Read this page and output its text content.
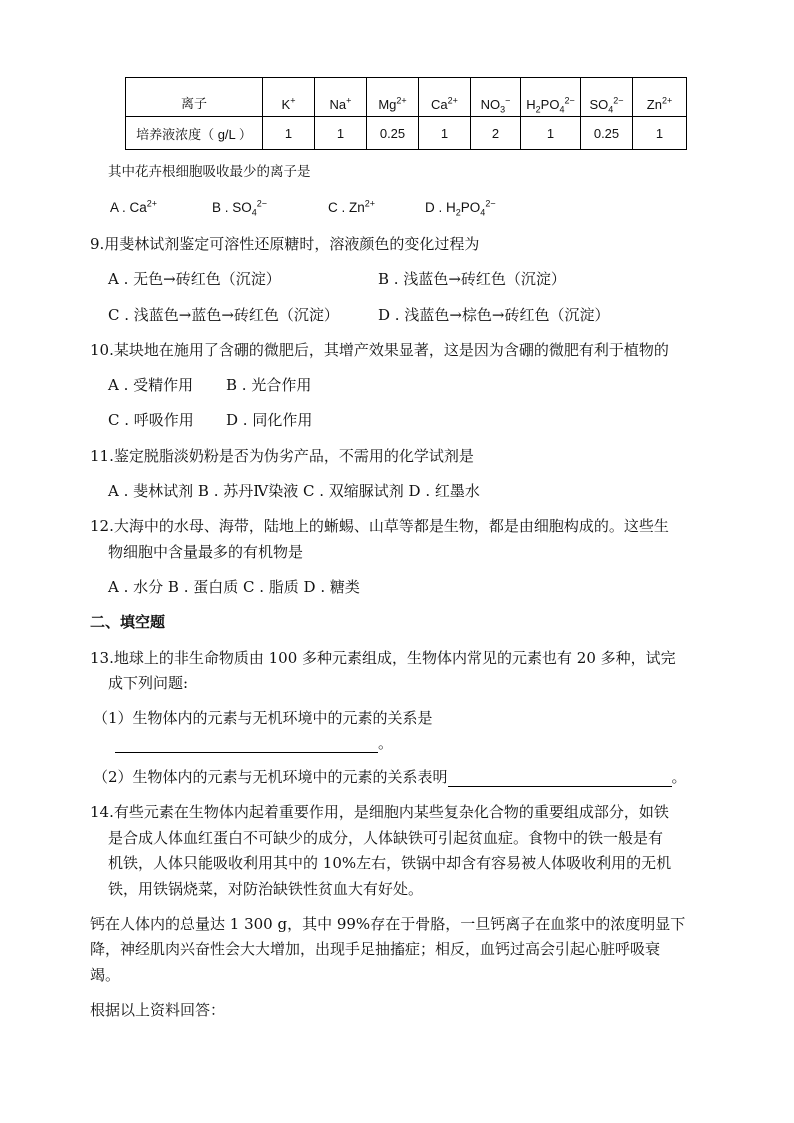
离子	K+	Na+	$Mg^{2+}$	$Ca^{2+}$	$NO_3^-$	$H_2PO_4^{2-}$	$SO_4^{2-}$	$Zn^{2+}$
培养液浓度（ g/L ）	1	1	0.25	1	2	1	0.25	1
其中花卉根细胞吸收最少的离子是
A . $Ca^{2+}$	B . $SO_4^{2-}$	C . $Zn^{2+}$	D . $H_2PO_4^{2-}$
9.用斐林试剂鉴定可溶性还原糖时，溶液颜色的变化过程为
A . 无色→砖红色（沉淀）	B . 浅蓝色→砖红色（沉淀）
C . 浅蓝色→蓝色→砖红色（沉淀）	D . 浅蓝色→棕色→砖红色（沉淀）
10.某块地在施用了含硼的微肥后，其增产效果显著，这是因为含硼的微肥有利于植物的
A . 受精作用 B . 光合作用
C . 呼吸作用 D . 同化作用
11.鉴定脱脂淡奶粉是否为伪劣产品，不需用的化学试剂是
A . 斐林试剂 B . 苏丹Ⅳ染液 C . 双缩脲试剂 D . 红墨水
12.大海中的水母、海带，陆地上的蜥蜴、山草等都是生物，都是由细胞构成的。这些生
物细胞中含量最多的有机物是
A . 水分 B . 蛋白质 C . 脂质 D . 糖类
二、填空题
13.地球上的非生命物质由 100 多种元素组成，生物体内常见的元素也有 20 多种，试完
成下列问题:
（1）生物体内的元素与无机环境中的元素的关系是
。
（2）生物体内的元素与无机环境中的元素的关系表明	。
14.有些元素在生物体内起着重要作用，是细胞内某些复杂化合物的重要组成部分，如铁
是合成人体血红蛋白不可缺少的成分，人体缺铁可引起贫血症。食物中的铁一般是有
机铁，人体只能吸收利用其中的 10%左右，铁锅中却含有容易被人体吸收利用的无机
铁，用铁锅烧菜，对防治缺铁性贫血大有好处。
钙在人体内的总量达 1 300 g，其中 99%存在于骨胳，一旦钙离子在血浆中的浓度明显下
降，神经肌肉兴奋性会大大增加，出现手足抽搐症；相反，血钙过高会引起心脏呼吸衰
竭。
根据以上资料回答：
